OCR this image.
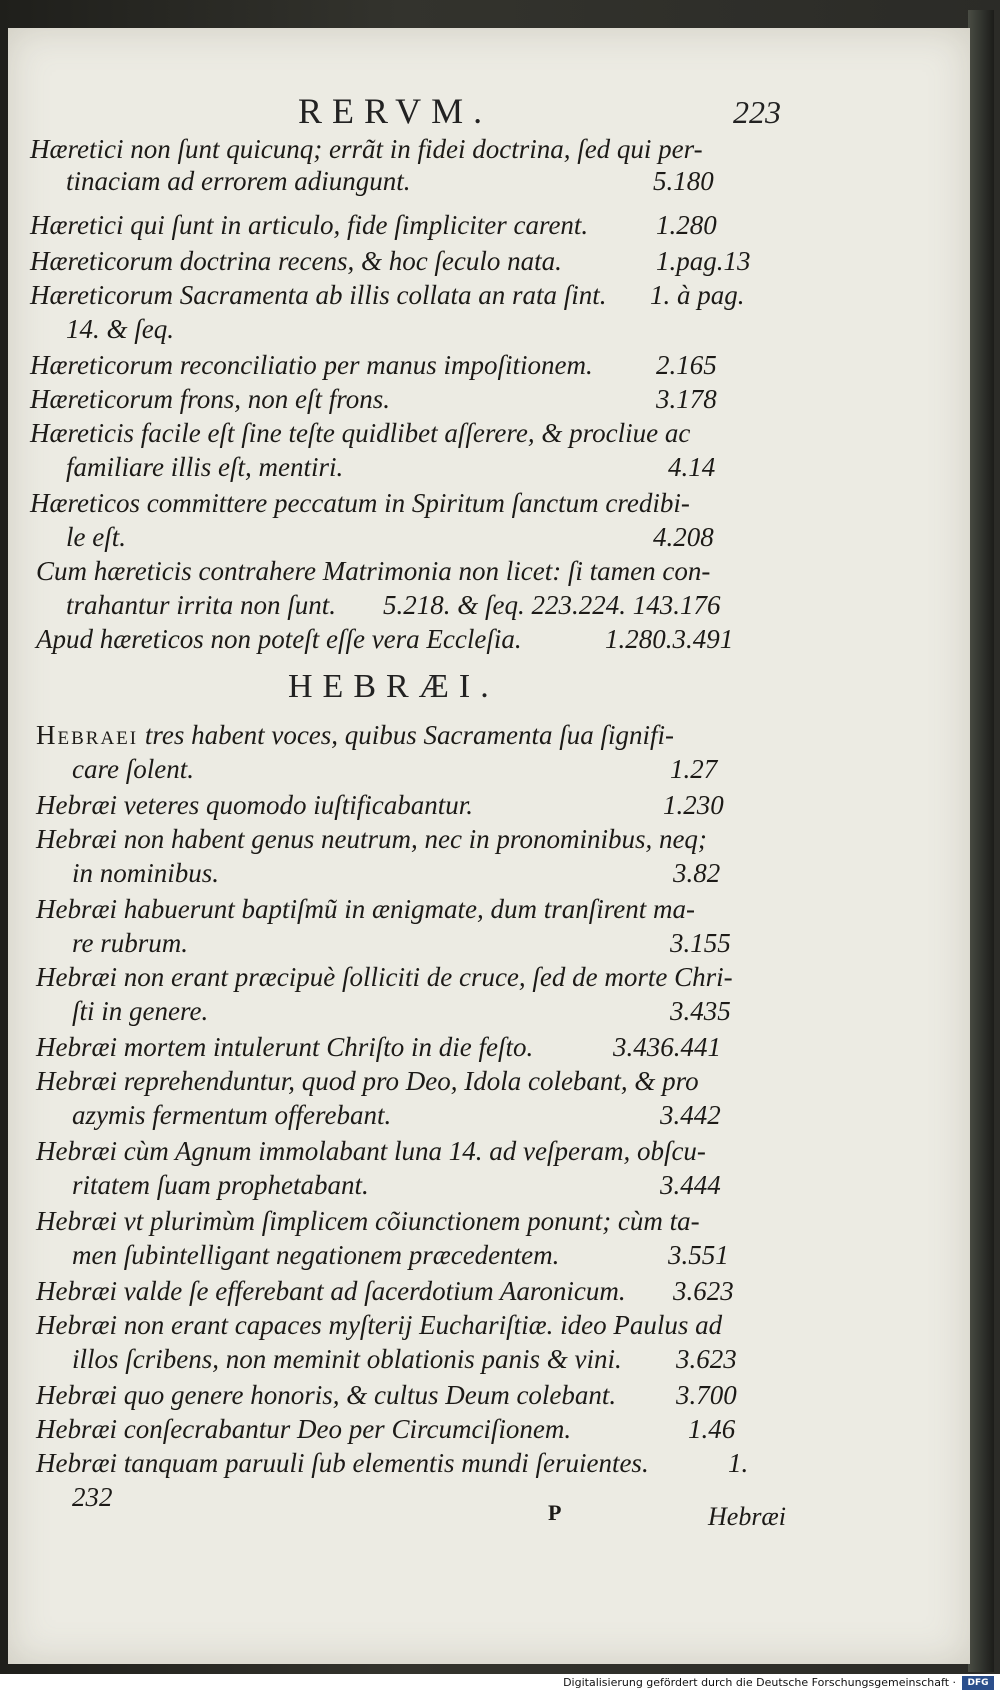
RERVM.	223
Hæretici non ſunt quicunq; errãt in fidei doctrina, ſed qui per-
tinaciam ad errorem adiungunt.	5.180
Hæretici qui ſunt in articulo, fide ſimpliciter carent.	1.280
Hæreticorum doctrina recens, & hoc ſeculo nata.	1.pag.13
Hæreticorum Sacramenta ab illis collata an rata ſint. 1. à pag.
14. & ſeq.
Hæreticorum reconciliatio per manus impoſitionem. 2.165
Hæreticorum frons, non eſt frons.	3.178
Hæreticis facile eſt ſine teſte quidlibet aſſerere, & procliue ac
familiare illis eſt, mentiri.	4.14
Hæreticos committere peccatum in Spiritum ſanctum credibi-
le eſt.	4.208
Cum hæreticis contrahere Matrimonia non licet: ſi tamen con-
trahantur irrita non ſunt. 5.218. & ſeq. 223.224. 143.176
Apud hæreticos non poteſt eſſe vera Eccleſia.	1.280.3.491
HEBRÆI.
Hebraei tres habent voces, quibus Sacramenta ſua ſignifi-
care ſolent.	1.27
Hebræi veteres quomodo iuſtificabantur.	1.230
Hebræi non habent genus neutrum, nec in pronominibus, neq;
in nominibus.	3.82
Hebræi habuerunt baptiſmũ in ænigmate, dum tranſirent ma-
re rubrum.	3.155
Hebræi non erant præcipuè ſolliciti de cruce, ſed de morte Chri-
ſti in genere.	3.435
Hebræi mortem intulerunt Chriſto in die feſto.	3.436.441
Hebræi reprehenduntur, quod pro Deo, Idola colebant, & pro
azymis fermentum offerebant.	3.442
Hebræi cùm Agnum immolabant luna 14. ad veſperam, obſcu-
ritatem ſuam prophetabant.	3.444
Hebræi vt plurimùm ſimplicem cõiunctionem ponunt; cùm ta-
men ſubintelligant negationem præcedentem.	3.551
Hebræi valde ſe efferebant ad ſacerdotium Aaronicum. 3.623
Hebræi non erant capaces myſterij Euchariſtiæ. ideo Paulus ad
illos ſcribens, non meminit oblationis panis & vini. 3.623
Hebræi quo genere honoris, & cultus Deum colebant. 3.700
Hebræi conſecrabantur Deo per Circumciſionem.	1.46
Hebræi tanquam paruuli ſub elementis mundi ſeruientes.	1.
232
P	Hebræi
Digitalisierung gefördert durch die Deutsche Forschungsgemeinschaft ·	DFG
